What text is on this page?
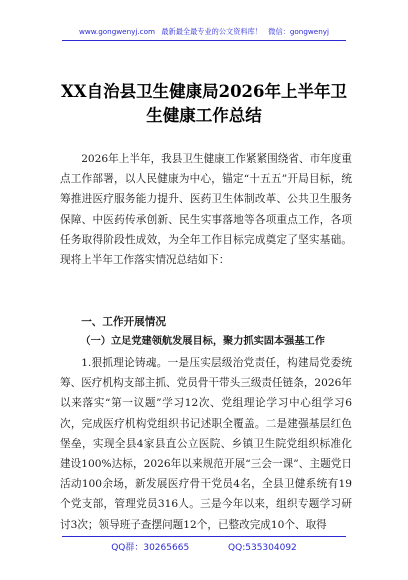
www.gongwenyj.com 最新最全最专业的公文资料库！ 微信：gongwenyj
XX自治县卫生健康局2026年上半年卫生健康工作总结
2026年上半年，我县卫生健康工作紧紧围绕省、市年度重点工作部署，以人民健康为中心，锚定“十五五”开局目标，统筹推进医疗服务能力提升、医药卫生体制改革、公共卫生服务保障、中医药传承创新、民生实事落地等各项重点工作，各项任务取得阶段性成效，为全年工作目标完成奠定了坚实基础。现将上半年工作落实情况总结如下：
一、工作开展情况
（一）立足党建领航发展目标，聚力抓实固本强基工作
1.狠抓理论铸魂。一是压实层级治党责任，构建局党委统筹、医疗机构支部主抓、党员骨干带头三级责任链条，2026年以来落实“第一议题”学习12次、党组理论学习中心组学习6次，完成医疗机构党组织书记述职全覆盖。二是建强基层红色堡垒，实现全县4家县直公立医院、乡镇卫生院党组织标准化建设100%达标，2026年以来规范开展“三会一课”、主题党日活动100余场，新发展医疗骨干党员4名，全县卫健系统有19个党支部，管理党员316人。三是今年以来，组织专题学习研讨3次；领导班子查摆问题12个，已整改完成10个、取得
QQ群：30265665	QQ:535304092
